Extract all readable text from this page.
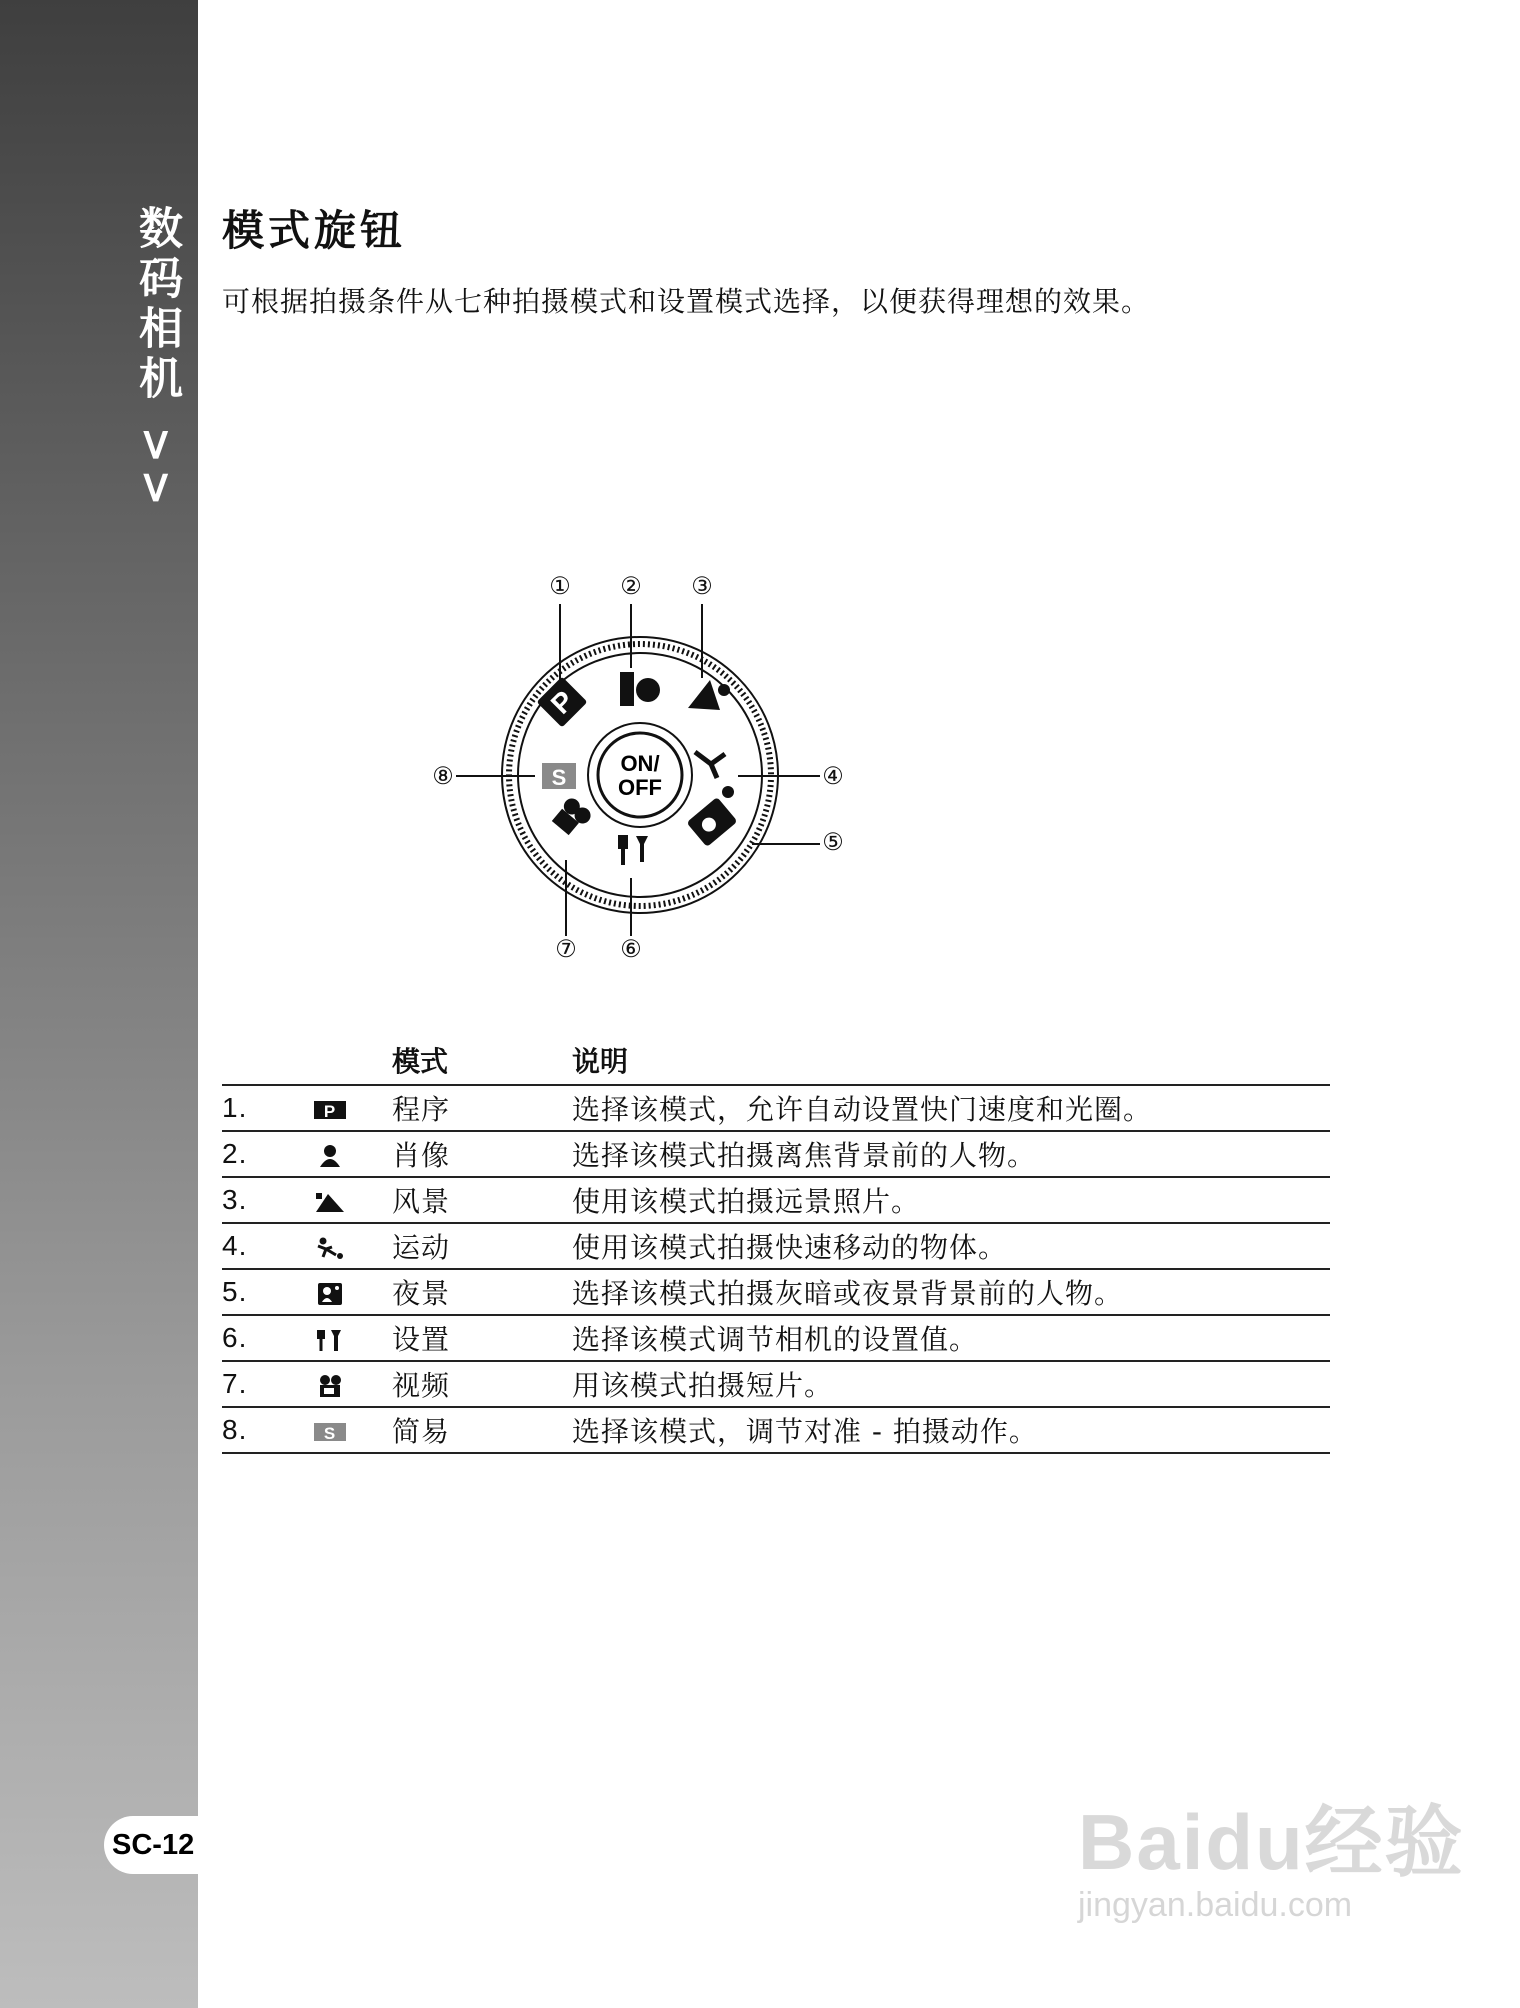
数码相机 >>
SC-12
模式旋钮
可根据拍摄条件从七种拍摄模式和设置模式选择，以便获得理想的效果。
① ② ③
④
⑤
⑥
⑦
⑧	ON/
OFF
P
S
		模式	说明
1.	P	程序	选择该模式，允许自动设置快门速度和光圈。
2.		肖像	选择该模式拍摄离焦背景前的人物。
3.		风景	使用该模式拍摄远景照片。
4.		运动	使用该模式拍摄快速移动的物体。
5.		夜景	选择该模式拍摄灰暗或夜景背景前的人物。
6.		设置	选择该模式调节相机的设置值。
7.		视频	用该模式拍摄短片。
8.	S	简易	选择该模式，调节对准 - 拍摄动作。
Baidu经验
jingyan.baidu.com
